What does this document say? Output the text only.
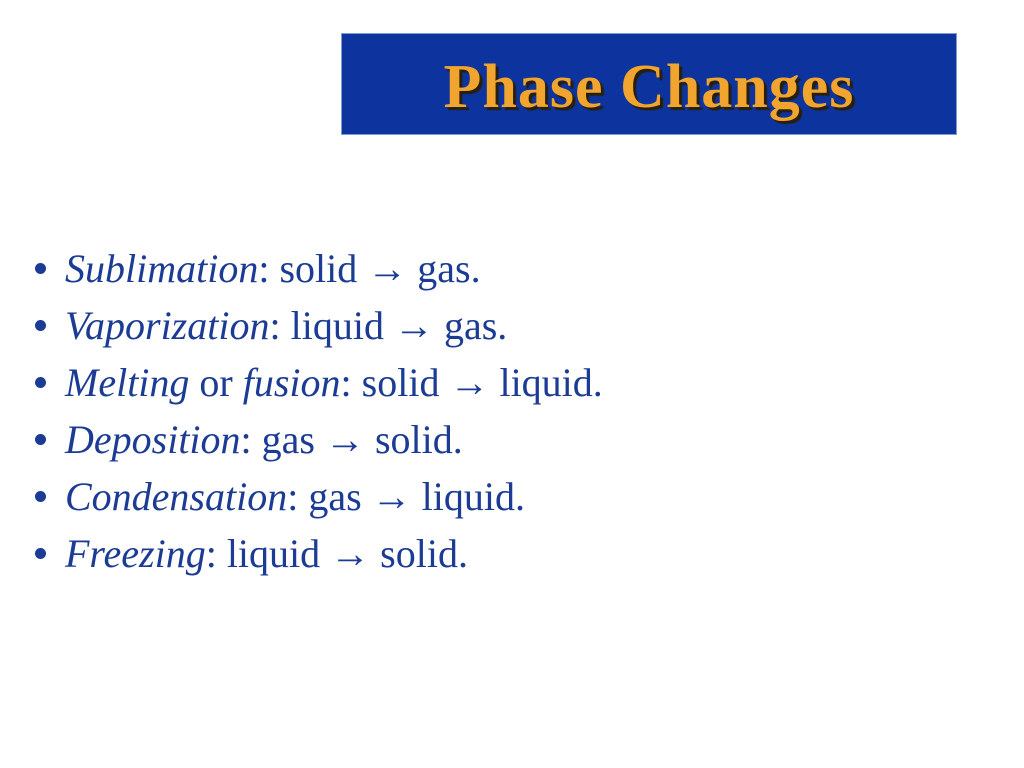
Phase Changes
Sublimation: solid → gas.
Vaporization: liquid → gas.
Melting or fusion: solid → liquid.
Deposition: gas → solid.
Condensation: gas → liquid.
Freezing: liquid → solid.
